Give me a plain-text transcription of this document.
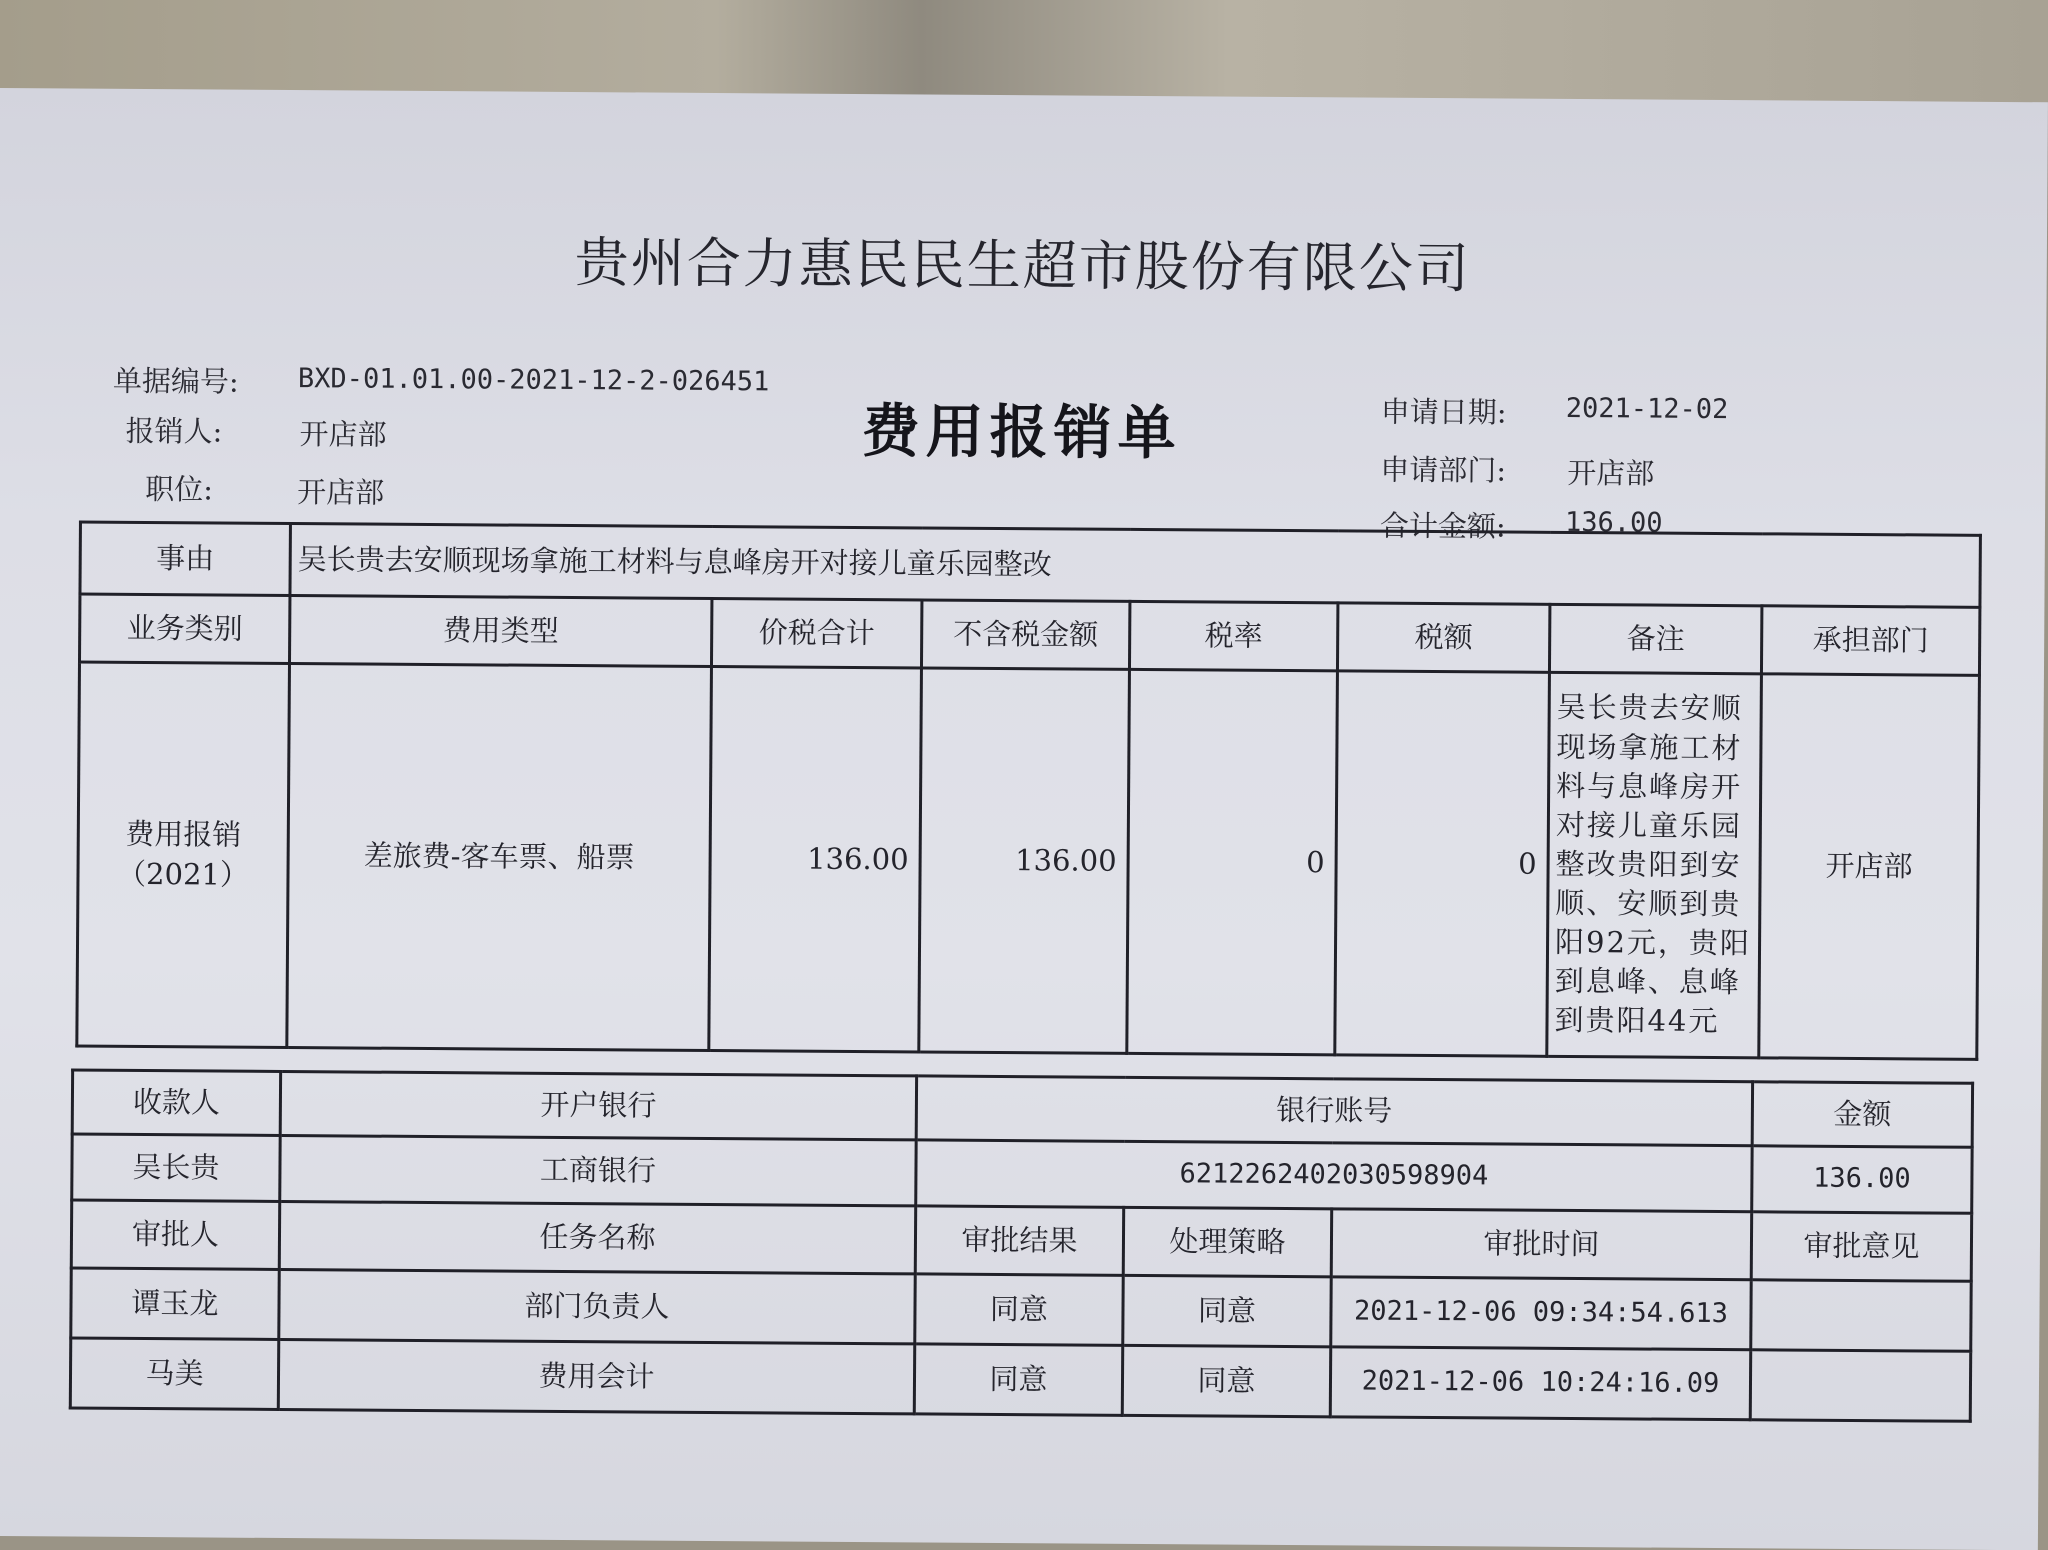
贵州合力惠民民生超市股份有限公司
费用报销单
单据编号: BXD-01.01.00-2021-12-2-026451
报销人:	开店部
职位:	开店部
申请日期: 2021-12-02
申请部门: 开店部
合计金额: 136.00
事由	吴长贵去安顺现场拿施工材料与息峰房开对接儿童乐园整改						
业务类别	费用类型	价税合计	不含税金额	税率	税额	备注	承担部门
费用报销（2021）	差旅费-客车票、船票	136.00	136.00	0	0	吴长贵去安顺现场拿施工材料与息峰房开对接儿童乐园整改贵阳到安顺、安顺到贵阳92元，贵阳到息峰、息峰到贵阳44元	开店部
收款人	开户银行	银行账号			金额
吴长贵	工商银行	6212262402030598904			136.00
审批人	任务名称	审批结果	处理策略	审批时间	审批意见
谭玉龙	部门负责人	同意	同意	2021-12-06 09:34:54.613	
马美	费用会计	同意	同意	2021-12-06 10:24:16.09	
